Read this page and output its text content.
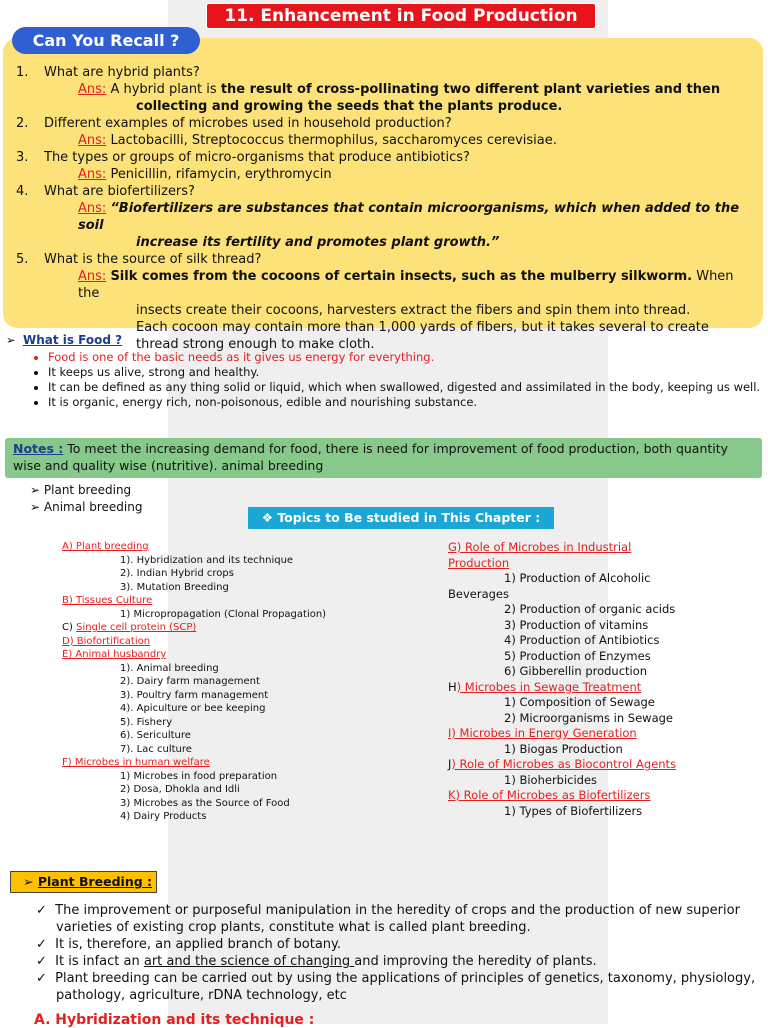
11. Enhancement in Food Production
Can You Recall ?

1. What are hybrid plants?

Ans: A hybrid plant is the result of cross-pollinating two different plant varieties and then
collecting and growing the seeds that the plants produce.

2. Different examples of microbes used in household production?

Ans: Lactobacilli, Streptococcus thermophilus, saccharomyces cerevisiae.

3. The types or groups of micro-organisms that produce antibiotics?

Ans: Penicillin, rifamycin, erythromycin

4. What are biofertilizers?

Ans: “Biofertilizers are substances that contain microorganisms, which when added to the soil
increase its fertility and promotes plant growth.”

5. What is the source of silk thread?

Ans: Silk comes from the cocoons of certain insects, such as the mulberry silkworm. When the
insects create their cocoons, harvesters extract the fibers and spin them into thread.
Each cocoon may contain more than 1,000 yards of fibers, but it takes several to create
thread strong enough to make cloth.

➢ What is Food ?
• Food is one of the basic needs as it gives us energy for everything.
• It keeps us alive, strong and healthy.
• It can be defined as any thing solid or liquid, which when swallowed, digested and assimilated in the body, keeping us well.
• It is organic, energy rich, non-poisonous, edible and nourishing substance.
Notes : To meet the increasing demand for food, there is need for improvement of food production, both quantity wise and quality wise (nutritive). animal breeding
➢ Plant breeding
➢ Animal breeding
❖ Topics to Be studied in This Chapter :
A) Plant breeding
1). Hybridization and its technique
2). Indian Hybrid crops
3). Mutation Breeding
B) Tissues Culture
1) Micropropagation (Clonal Propagation)
C) Single cell protein (SCP)
D) Biofortification
E) Animal husbandry
1). Animal breeding
2). Dairy farm management
3). Poultry farm management
4). Apiculture or bee keeping
5). Fishery
6). Sericulture
7). Lac culture
F) Microbes in human welfare
1) Microbes in food preparation
2) Dosa, Dhokla and Idli
3) Microbes as the Source of Food
4) Dairy Products
G) Role of Microbes in Industrial
Production
1) Production of Alcoholic
Beverages
2) Production of organic acids
3) Production of vitamins
4) Production of Antibiotics
5) Production of Enzymes
6) Gibberellin production
H) Microbes in Sewage Treatment
1) Composition of Sewage
2) Microorganisms in Sewage
I) Microbes in Energy Generation
1) Biogas Production
J) Role of Microbes as Biocontrol Agents
1) Bioherbicides
K) Role of Microbes as Biofertilizers
1) Types of Biofertilizers
➢ Plant Breeding :

✓ The improvement or purposeful manipulation in the heredity of crops and the production of new superior varieties of existing crop plants, constitute what is called plant breeding.

✓ It is, therefore, an applied branch of botany.

✓ It is infact an art and the science of changing and improving the heredity of plants.

✓ Plant breeding can be carried out by using the applications of principles of genetics, taxonomy, physiology, pathology, agriculture, rDNA technology, etc

A. Hybridization and its technique :
